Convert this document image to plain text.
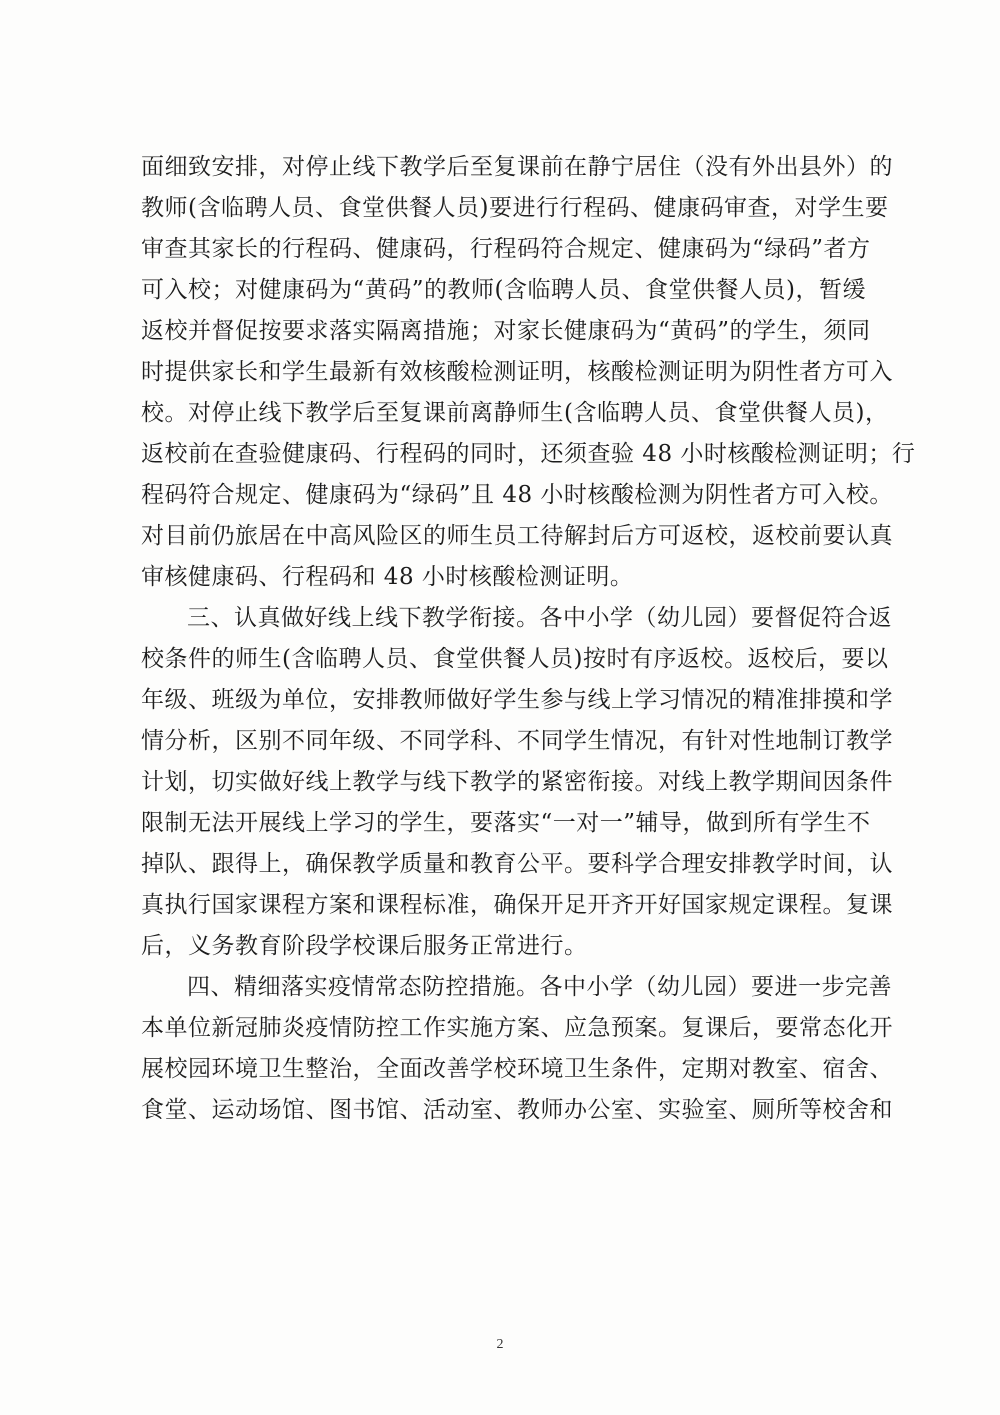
面细致安排，对停止线下教学后至复课前在静宁居住（没有外出县外）的
教师(含临聘人员、食堂供餐人员)要进行行程码、健康码审查，对学生要
审查其家长的行程码、健康码，行程码符合规定、健康码为“绿码”者方
可入校；对健康码为“黄码”的教师(含临聘人员、食堂供餐人员)，暂缓
返校并督促按要求落实隔离措施；对家长健康码为“黄码”的学生，须同
时提供家长和学生最新有效核酸检测证明，核酸检测证明为阴性者方可入
校。对停止线下教学后至复课前离静师生(含临聘人员、食堂供餐人员)，
返校前在查验健康码、行程码的同时，还须查验 48 小时核酸检测证明；行
程码符合规定、健康码为“绿码”且 48 小时核酸检测为阴性者方可入校。
对目前仍旅居在中高风险区的师生员工待解封后方可返校，返校前要认真
审核健康码、行程码和 48 小时核酸检测证明。
三、认真做好线上线下教学衔接。各中小学（幼儿园）要督促符合返
校条件的师生(含临聘人员、食堂供餐人员)按时有序返校。返校后，要以
年级、班级为单位，安排教师做好学生参与线上学习情况的精准排摸和学
情分析，区别不同年级、不同学科、不同学生情况，有针对性地制订教学
计划，切实做好线上教学与线下教学的紧密衔接。对线上教学期间因条件
限制无法开展线上学习的学生，要落实“一对一”辅导，做到所有学生不
掉队、跟得上，确保教学质量和教育公平。要科学合理安排教学时间，认
真执行国家课程方案和课程标准，确保开足开齐开好国家规定课程。复课
后，义务教育阶段学校课后服务正常进行。
四、精细落实疫情常态防控措施。各中小学（幼儿园）要进一步完善
本单位新冠肺炎疫情防控工作实施方案、应急预案。复课后，要常态化开
展校园环境卫生整治，全面改善学校环境卫生条件，定期对教室、宿舍、
食堂、运动场馆、图书馆、活动室、教师办公室、实验室、厕所等校舍和
2
